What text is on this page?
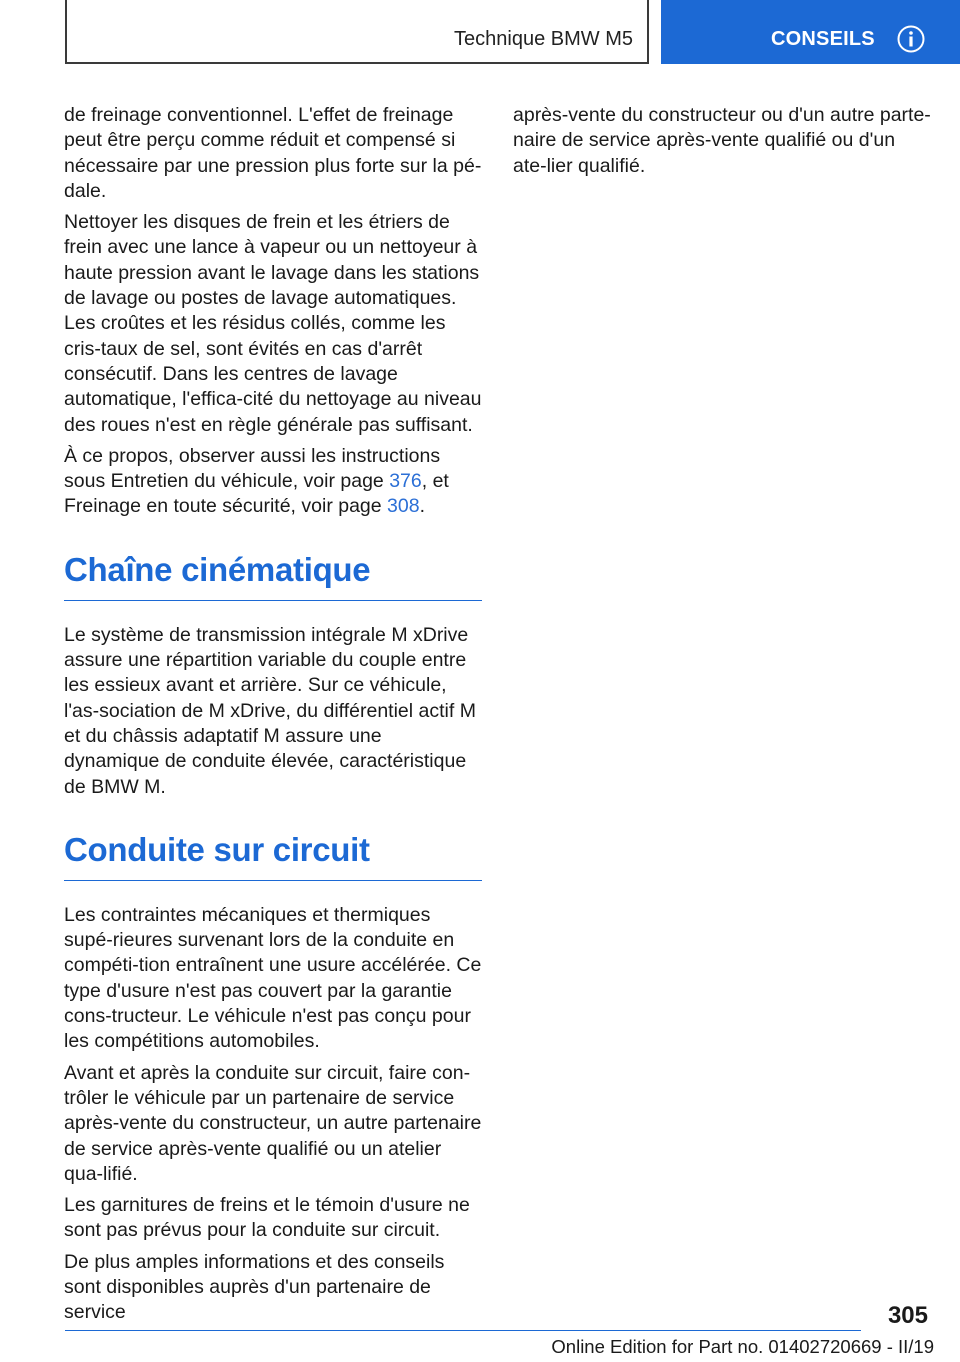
Technique BMW M5	CONSEILS

de freinage conventionnel. L'effet de freinage peut être perçu comme réduit et compensé si nécessaire par une pression plus forte sur la pé‐dale.

Nettoyer les disques de frein et les étriers de frein avec une lance à vapeur ou un nettoyeur à haute pression avant le lavage dans les stations de lavage ou postes de lavage automatiques. Les croûtes et les résidus collés, comme les cris‐taux de sel, sont évités en cas d'arrêt consécutif. Dans les centres de lavage automatique, l'effica‐cité du nettoyage au niveau des roues n'est en règle générale pas suffisant.

À ce propos, observer aussi les instructions sous Entretien du véhicule, voir page 376, et Freinage en toute sécurité, voir page 308.

Chaîne cinématique

Le système de transmission intégrale M xDrive assure une répartition variable du couple entre les essieux avant et arrière. Sur ce véhicule, l'as‐sociation de M xDrive, du différentiel actif M et du châssis adaptatif M assure une dynamique de conduite élevée, caractéristique de BMW M.

Conduite sur circuit

Les contraintes mécaniques et thermiques supé‐rieures survenant lors de la conduite en compéti‐tion entraînent une usure accélérée. Ce type d'usure n'est pas couvert par la garantie cons‐tructeur. Le véhicule n'est pas conçu pour les compétitions automobiles.

Avant et après la conduite sur circuit, faire con‐trôler le véhicule par un partenaire de service après-vente du constructeur, un autre partenaire de service après-vente qualifié ou un atelier qua‐lifié.

Les garnitures de freins et le témoin d'usure ne sont pas prévus pour la conduite sur circuit.

De plus amples informations et des conseils sont disponibles auprès d'un partenaire de service

après-vente du constructeur ou d'un autre parte‐naire de service après-vente qualifié ou d'un ate‐lier qualifié.

305
Online Edition for Part no. 01402720669 - II/19
